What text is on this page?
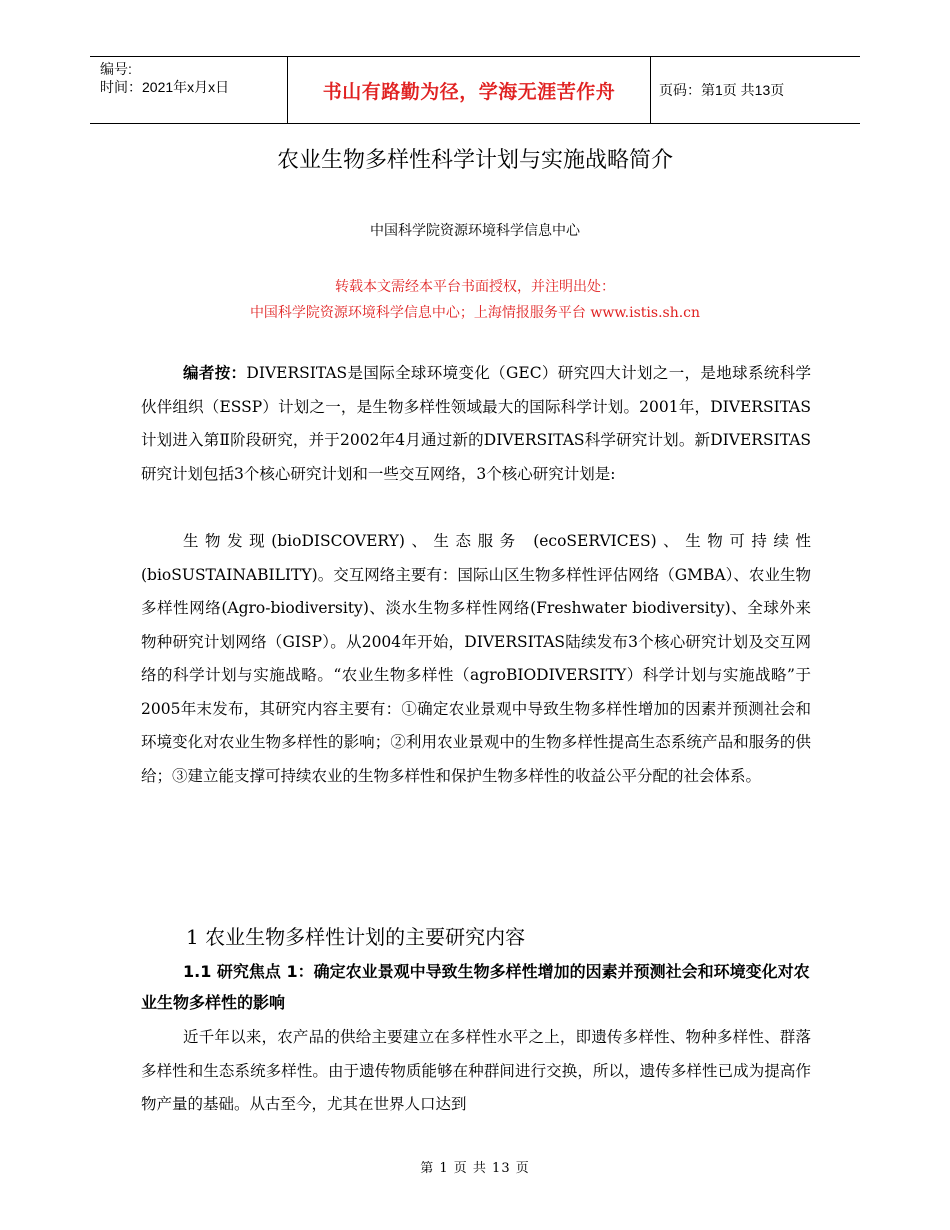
编号:
时间：2021年x月x日	书山有路勤为径，学海无涯苦作舟	页码：第1页 共13页
农业生物多样性科学计划与实施战略简介
中国科学院资源环境科学信息中心
转载本文需经本平台书面授权，并注明出处：
中国科学院资源环境科学信息中心；上海情报服务平台 www.istis.sh.cn

编者按：DIVERSITAS是国际全球环境变化（GEC）研究四大计划之一，是地球系统科学伙伴组织（ESSP）计划之一，是生物多样性领域最大的国际科学计划。2001年，DIVERSITAS计划进入第Ⅱ阶段研究，并于2002年4月通过新的DIVERSITAS科学研究计划。新DIVERSITAS研究计划包括3个核心研究计划和一些交互网络，3个核心研究计划是:

生物发现(bioDISCOVERY)、生态服务 (ecoSERVICES)、生物可持续性(bioSUSTAINABILITY)。交互网络主要有：国际山区生物多样性评估网络（GMBA）、农业生物多样性网络(Agro-biodiversity)、淡水生物多样性网络(Freshwater biodiversity)、全球外来物种研究计划网络（GISP）。从2004年开始，DIVERSITAS陆续发布3个核心研究计划及交互网络的科学计划与实施战略。“农业生物多样性（agroBIODIVERSITY）科学计划与实施战略”于2005年末发布，其研究内容主要有：①确定农业景观中导致生物多样性增加的因素并预测社会和环境变化对农业生物多样性的影响；②利用农业景观中的生物多样性提高生态系统产品和服务的供给；③建立能支撑可持续农业的生物多样性和保护生物多样性的收益公平分配的社会体系。

1 农业生物多样性计划的主要研究内容
1.1 研究焦点 1：确定农业景观中导致生物多样性增加的因素并预测社会和环境变化对农业生物多样性的影响

近千年以来，农产品的供给主要建立在多样性水平之上，即遗传多样性、物种多样性、群落多样性和生态系统多样性。由于遗传物质能够在种群间进行交换，所以，遗传多样性已成为提高作物产量的基础。从古至今，尤其在世界人口达到

第 1 页 共 13 页
